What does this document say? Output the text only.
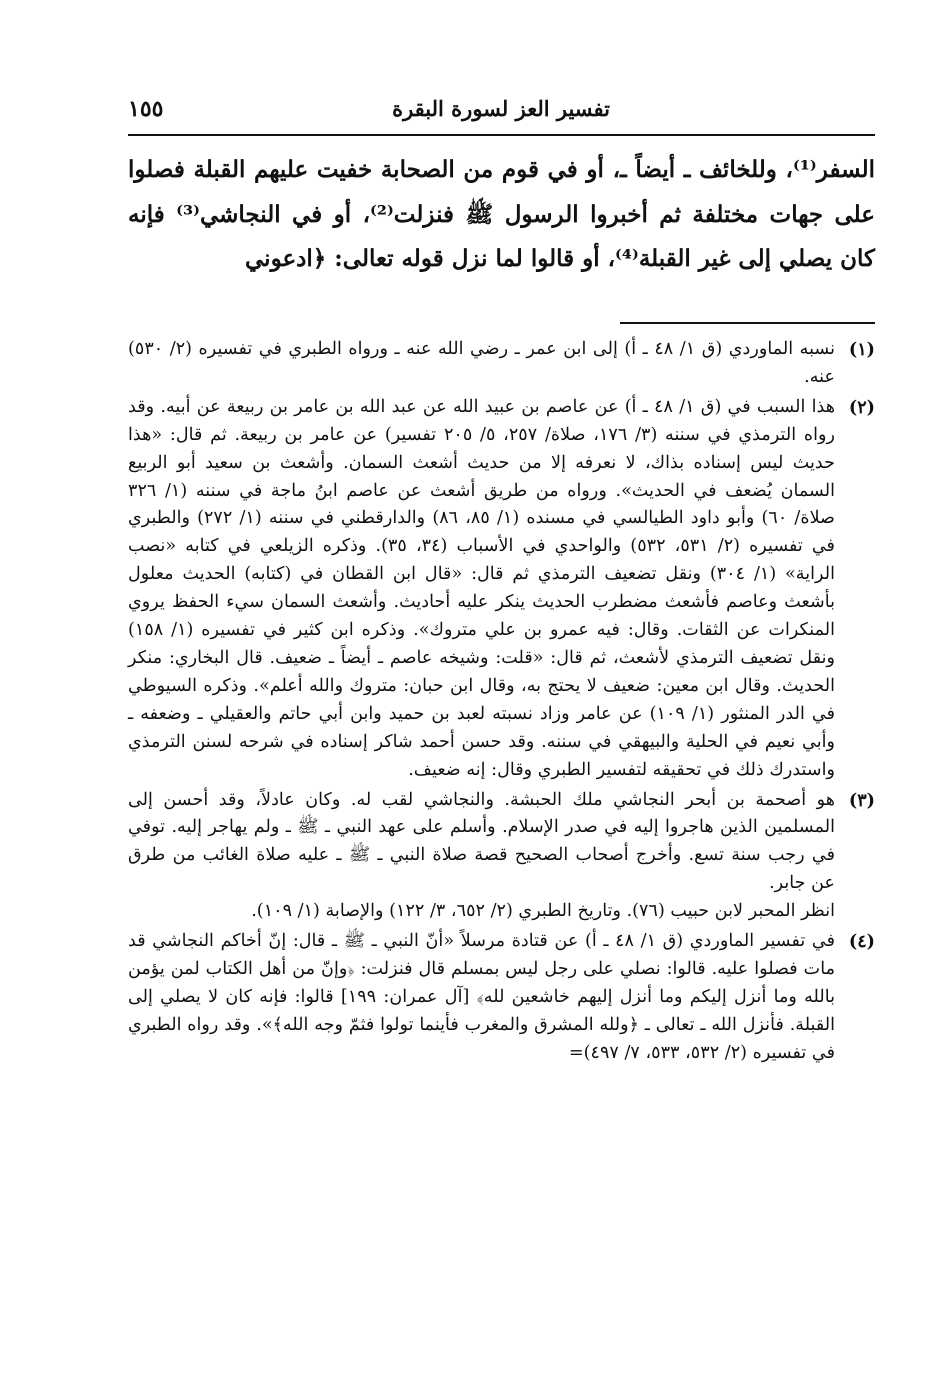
تفسير العز لسورة البقرة
١٥٥

السفر⁽¹⁾، وللخائف ـ أيضاً ـ، أو في قوم من الصحابة خفيت عليهم القبلة فصلوا على جهات مختلفة ثم أخبروا الرسول ﷺ فنزلت⁽²⁾، أو في النجاشي⁽³⁾ فإنه كان يصلي إلى غير القبلة⁽⁴⁾، أو قالوا لما نزل قوله تعالى: ﴿ادعوني

(١)

نسبه الماوردي (ق ١/ ٤٨ ـ أ) إلى ابن عمر ـ رضي الله عنه ـ ورواه الطبري في تفسيره (٢/ ٥٣٠) عنه.

(٢)

هذا السبب في (ق ١/ ٤٨ ـ أ) عن عاصم بن عبيد الله عن عبد الله بن عامر بن ربيعة عن أبيه. وقد رواه الترمذي في سننه (٣/ ١٧٦، صلاة/ ٢٥٧، ٥/ ٢٠٥ تفسير) عن عامر بن ربيعة. ثم قال: «هذا حديث ليس إسناده بذاك، لا نعرفه إلا من حديث أشعث السمان. وأشعث بن سعيد أبو الربيع السمان يُضعف في الحديث». ورواه من طريق أشعث عن عاصم ابنُ ماجة في سننه (١/ ٣٢٦ صلاة/ ٦٠) وأبو داود الطيالسي في مسنده (١/ ٨٥، ٨٦) والدارقطني في سننه (١/ ٢٧٢) والطبري في تفسيره (٢/ ٥٣١، ٥٣٢) والواحدي في الأسباب (٣٤، ٣٥). وذكره الزيلعي في كتابه «نصب الراية» (١/ ٣٠٤) ونقل تضعيف الترمذي ثم قال: «قال ابن القطان في (كتابه) الحديث معلول بأشعث وعاصم فأشعث مضطرب الحديث ينكر عليه أحاديث. وأشعث السمان سيء الحفظ يروي المنكرات عن الثقات. وقال: فيه عمرو بن علي متروك». وذكره ابن كثير في تفسيره (١/ ١٥٨) ونقل تضعيف الترمذي لأشعث، ثم قال: «قلت: وشيخه عاصم ـ أيضاً ـ ضعيف. قال البخاري: منكر الحديث. وقال ابن معين: ضعيف لا يحتج به، وقال ابن حبان: متروك والله أعلم». وذكره السيوطي في الدر المنثور (١/ ١٠٩) عن عامر وزاد نسبته لعبد بن حميد وابن أبي حاتم والعقيلي ـ وضعفه ـ وأبي نعيم في الحلية والبيهقي في سننه. وقد حسن أحمد شاكر إسناده في شرحه لسنن الترمذي واستدرك ذلك في تحقيقه لتفسير الطبري وقال: إنه ضعيف.

(٣)

هو أصحمة بن أبحر النجاشي ملك الحبشة. والنجاشي لقب له. وكان عادلاً، وقد أحسن إلى المسلمين الذين هاجروا إليه في صدر الإسلام. وأسلم على عهد النبي ـ ﷺ ـ ولم يهاجر إليه. توفي في رجب سنة تسع. وأخرج أصحاب الصحيح قصة صلاة النبي ـ ﷺ ـ عليه صلاة الغائب من طرق عن جابر.

انظر المحبر لابن حبيب (٧٦). وتاريخ الطبري (٢/ ٦٥٢، ٣/ ١٢٢) والإصابة (١/ ١٠٩).

(٤)

في تفسير الماوردي (ق ١/ ٤٨ ـ أ) عن قتادة مرسلاً «أنّ النبي ـ ﷺ ـ قال: إنّ أخاكم النجاشي قد مات فصلوا عليه. قالوا: نصلي على رجل ليس بمسلم قال فنزلت: ﴿وإنّ من أهل الكتاب لمن يؤمن بالله وما أنزل إليكم وما أنزل إليهم خاشعين لله﴾ [آل عمران: ١٩٩] قالوا: فإنه كان لا يصلي إلى القبلة. فأنزل الله ـ تعالى ـ ﴿ولله المشرق والمغرب فأينما تولوا فثمّ وجه الله﴾». وقد رواه الطبري في تفسيره (٢/ ٥٣٢، ٥٣٣، ٧/ ٤٩٧)=
